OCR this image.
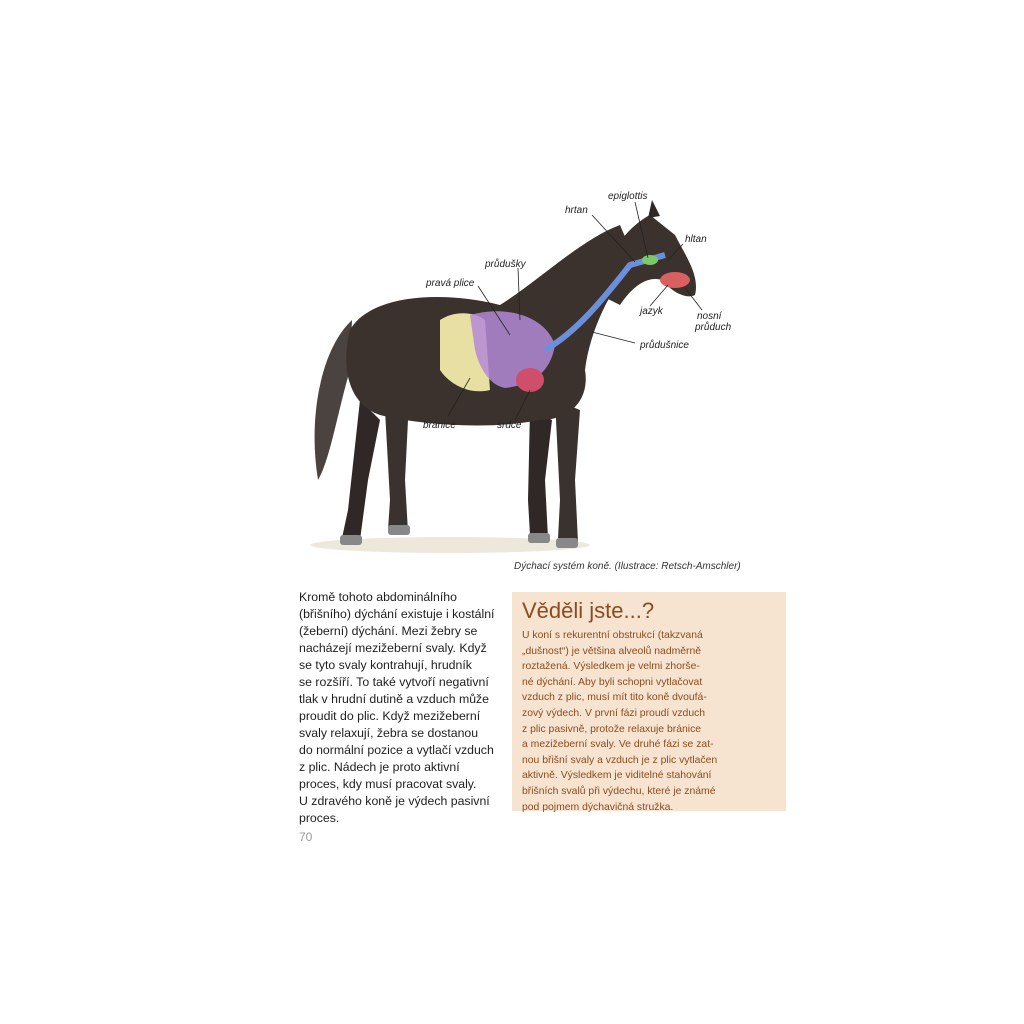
epiglottis
hrtan
hltan
průdušky
pravá plice
jazyk	nosní
průduch
průdušnice
bránice	srdce
Dýchací systém koně. (Ilustrace: Retsch-Amschler)
Kromě tohoto abdominálního
(břišního) dýchání existuje i kostální
(žeberní) dýchání. Mezi žebry se
nacházejí mezižeberní svaly. Když
se tyto svaly kontrahují, hrudník
se rozšíří. To také vytvoří negativní
tlak v hrudní dutině a vzduch může
proudit do plic. Když mezižeberní
svaly relaxují, žebra se dostanou
do normální pozice a vytlačí vzduch
z plic. Nádech je proto aktivní
proces, kdy musí pracovat svaly.
U zdravého koně je výdech pasivní
proces.
Věděli jste...?
U koní s rekurentní obstrukcí (takzvaná
„dušnost“) je většina alveolů nadměrně
roztažená. Výsledkem je velmi zhorše-
né dýchání. Aby byli schopni vytlačovat
vzduch z plic, musí mít tito koně dvoufá-
zový výdech. V první fázi proudí vzduch
z plic pasivně, protože relaxuje bránice
a mezižeberní svaly. Ve druhé fázi se zat-
nou břišní svaly a vzduch je z plic vytlačen
aktivně. Výsledkem je viditelné stahování
břišních svalů při výdechu, které je známé
pod pojmem dýchavičná stružka.
70
